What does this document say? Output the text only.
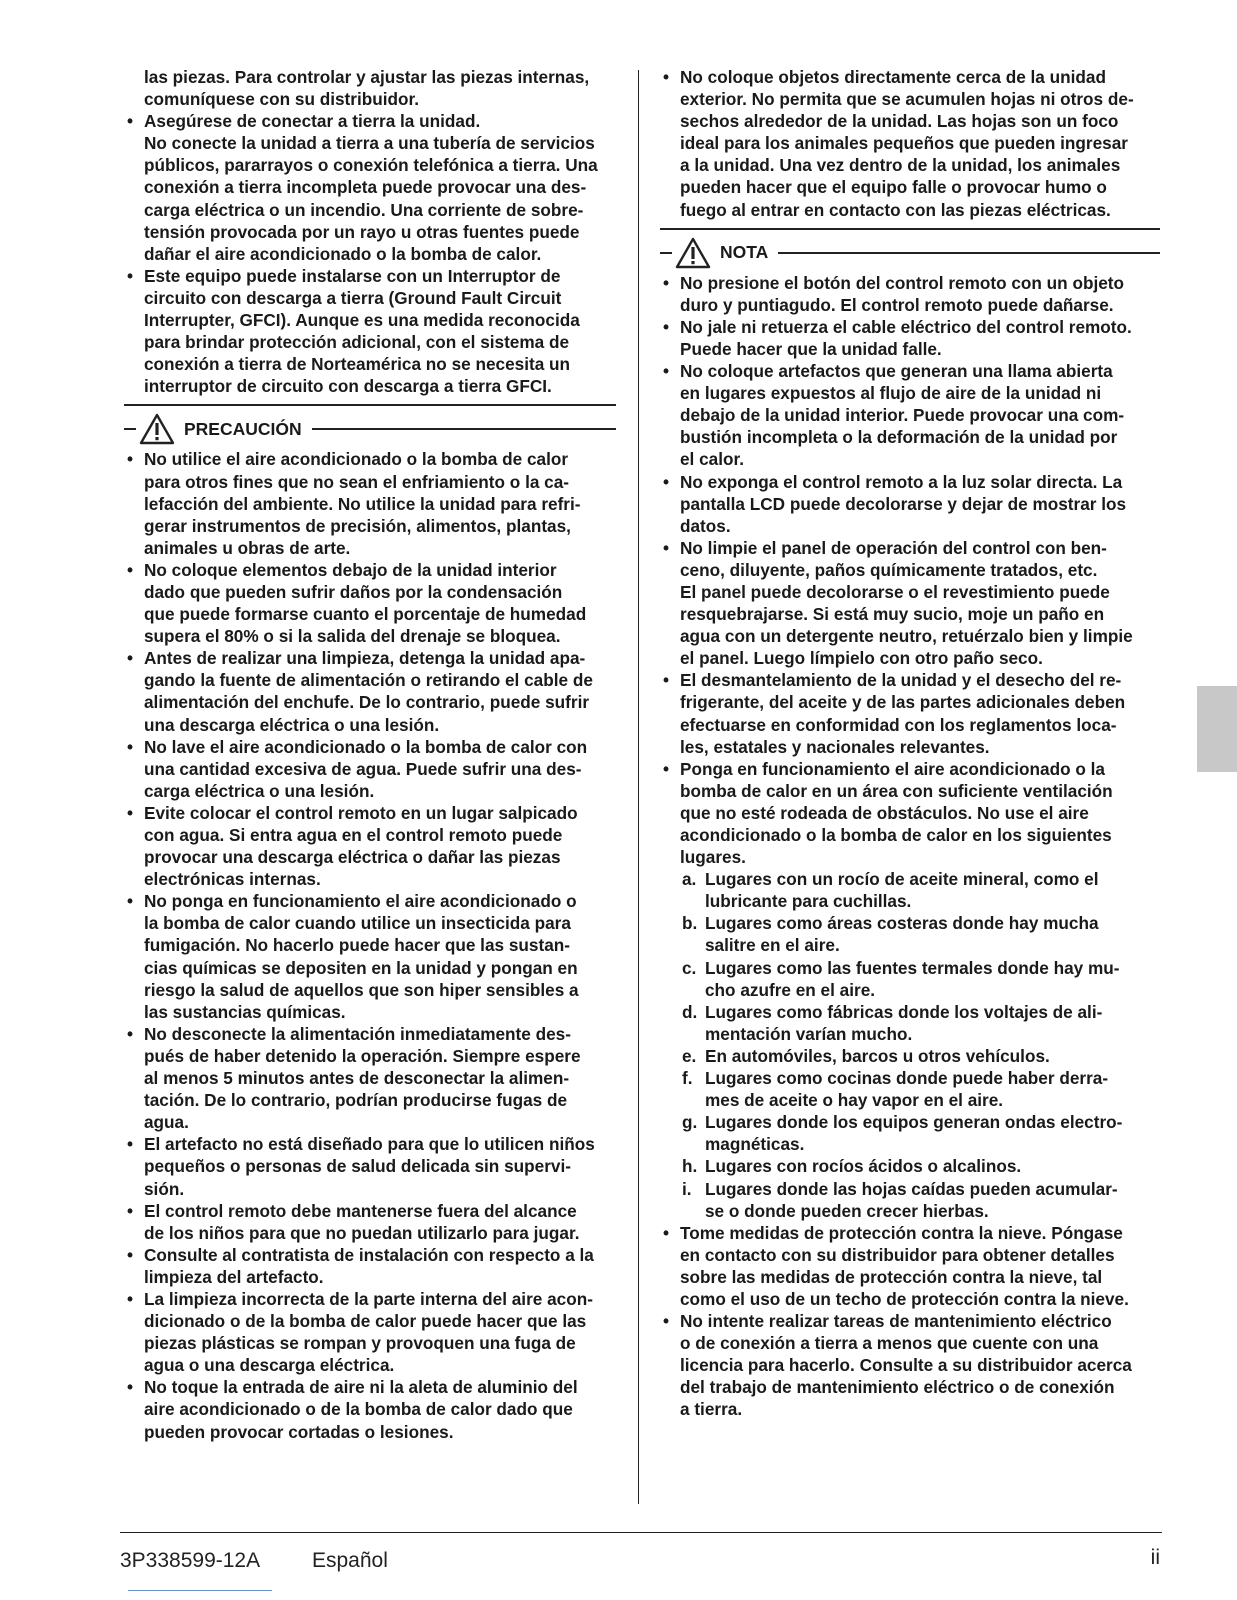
las piezas. Para controlar y ajustar las piezas internas,

comuníquese con su distribuidor.

• Asegúrese de conectar a tierra la unidad.
No conecte la unidad a tierra a una tubería de servicios
públicos, pararrayos o conexión telefónica a tierra. Una
conexión a tierra incompleta puede provocar una des-
carga eléctrica o un incendio. Una corriente de sobre-
tensión provocada por un rayo u otras fuentes puede
dañar el aire acondicionado o la bomba de calor.
• Este equipo puede instalarse con un Interruptor de
circuito con descarga a tierra (Ground Fault Circuit
Interrupter, GFCI). Aunque es una medida reconocida
para brindar protección adicional, con el sistema de
conexión a tierra de Norteamérica no se necesita un
interruptor de circuito con descarga a tierra GFCI.
PRECAUCIÓN
• No utilice el aire acondicionado o la bomba de calor
para otros fines que no sean el enfriamiento o la ca-
lefacción del ambiente. No utilice la unidad para refri-
gerar instrumentos de precisión, alimentos, plantas,
animales u obras de arte.
• No coloque elementos debajo de la unidad interior
dado que pueden sufrir daños por la condensación
que puede formarse cuanto el porcentaje de humedad
supera el 80% o si la salida del drenaje se bloquea.
• Antes de realizar una limpieza, detenga la unidad apa-
gando la fuente de alimentación o retirando el cable de
alimentación del enchufe. De lo contrario, puede sufrir
una descarga eléctrica o una lesión.
• No lave el aire acondicionado o la bomba de calor con
una cantidad excesiva de agua. Puede sufrir una des-
carga eléctrica o una lesión.
• Evite colocar el control remoto en un lugar salpicado
con agua. Si entra agua en el control remoto puede
provocar una descarga eléctrica o dañar las piezas
electrónicas internas.
• No ponga en funcionamiento el aire acondicionado o
la bomba de calor cuando utilice un insecticida para
fumigación. No hacerlo puede hacer que las sustan-
cias químicas se depositen en la unidad y pongan en
riesgo la salud de aquellos que son hiper sensibles a
las sustancias químicas.
• No desconecte la alimentación inmediatamente des-
pués de haber detenido la operación. Siempre espere
al menos 5 minutos antes de desconectar la alimen-
tación. De lo contrario, podrían producirse fugas de
agua.
• El artefacto no está diseñado para que lo utilicen niños
pequeños o personas de salud delicada sin supervi-
sión.
• El control remoto debe mantenerse fuera del alcance
de los niños para que no puedan utilizarlo para jugar.
• Consulte al contratista de instalación con respecto a la
limpieza del artefacto.
• La limpieza incorrecta de la parte interna del aire acon-
dicionado o de la bomba de calor puede hacer que las
piezas plásticas se rompan y provoquen una fuga de
agua o una descarga eléctrica.
• No toque la entrada de aire ni la aleta de aluminio del
aire acondicionado o de la bomba de calor dado que
pueden provocar cortadas o lesiones.
• No coloque objetos directamente cerca de la unidad
exterior. No permita que se acumulen hojas ni otros de-
sechos alrededor de la unidad. Las hojas son un foco
ideal para los animales pequeños que pueden ingresar
a la unidad. Una vez dentro de la unidad, los animales
pueden hacer que el equipo falle o provocar humo o
fuego al entrar en contacto con las piezas eléctricas.
NOTA
• No presione el botón del control remoto con un objeto
duro y puntiagudo. El control remoto puede dañarse.
• No jale ni retuerza el cable eléctrico del control remoto.
Puede hacer que la unidad falle.
• No coloque artefactos que generan una llama abierta
en lugares expuestos al flujo de aire de la unidad ni
debajo de la unidad interior. Puede provocar una com-
bustión incompleta o la deformación de la unidad por
el calor.
• No exponga el control remoto a la luz solar directa. La
pantalla LCD puede decolorarse y dejar de mostrar los
datos.
• No limpie el panel de operación del control con ben-
ceno, diluyente, paños químicamente tratados, etc.
El panel puede decolorarse o el revestimiento puede
resquebrajarse. Si está muy sucio, moje un paño en
agua con un detergente neutro, retuérzalo bien y limpie
el panel. Luego límpielo con otro paño seco.
• El desmantelamiento de la unidad y el desecho del re-
frigerante, del aceite y de las partes adicionales deben
efectuarse en conformidad con los reglamentos loca-
les, estatales y nacionales relevantes.
• Ponga en funcionamiento el aire acondicionado o la
bomba de calor en un área con suficiente ventilación
que no esté rodeada de obstáculos. No use el aire
acondicionado o la bomba de calor en los siguientes
lugares.
a. Lugares con un rocío de aceite mineral, como el
lubricante para cuchillas.
b. Lugares como áreas costeras donde hay mucha
salitre en el aire.
c. Lugares como las fuentes termales donde hay mu-
cho azufre en el aire.
d. Lugares como fábricas donde los voltajes de ali-
mentación varían mucho.
e. En automóviles, barcos u otros vehículos.
f. Lugares como cocinas donde puede haber derra-
mes de aceite o hay vapor en el aire.
g. Lugares donde los equipos generan ondas electro-
magnéticas.
h. Lugares con rocíos ácidos o alcalinos.
i. Lugares donde las hojas caídas pueden acumular-
se o donde pueden crecer hierbas.
• Tome medidas de protección contra la nieve. Póngase
en contacto con su distribuidor para obtener detalles
sobre las medidas de protección contra la nieve, tal
como el uso de un techo de protección contra la nieve.
• No intente realizar tareas de mantenimiento eléctrico
o de conexión a tierra a menos que cuente con una
licencia para hacerlo. Consulte a su distribuidor acerca
del trabajo de mantenimiento eléctrico o de conexión
a tierra.
3P338599-12A Español	ii
